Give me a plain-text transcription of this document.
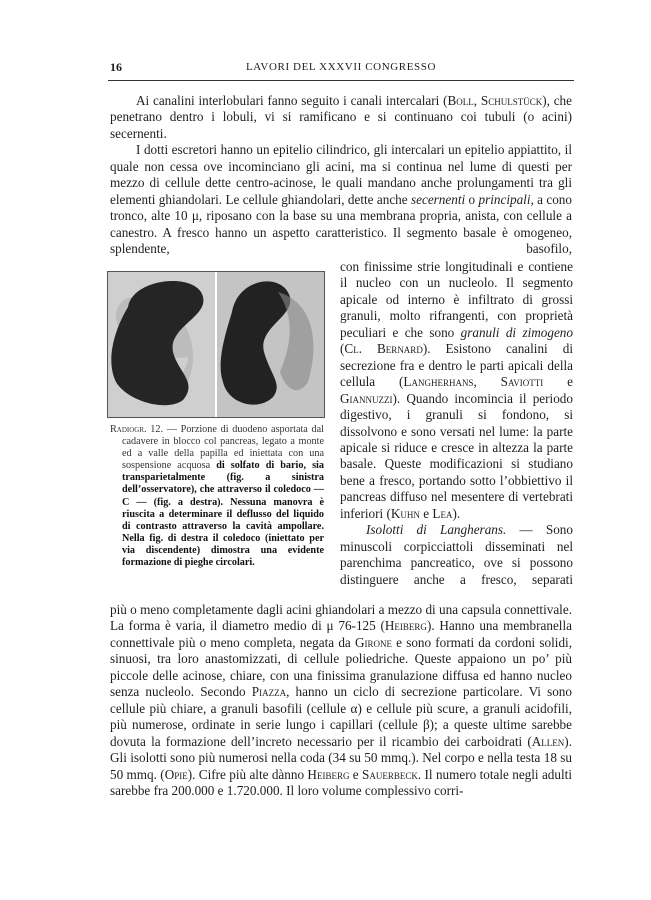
16	LAVORI DEL XXXVII CONGRESSO

Ai canalini interlobulari fanno seguito i canali intercalari (Boll, Schulstück), che penetrano dentro i lobuli, vi si ramificano e si continuano coi tubuli (o acini) secernenti.

I dotti escretori hanno un epitelio cilindrico, gli intercalari un epitelio appiattito, il quale non cessa ove incominciano gli acini, ma si continua nel lume di questi per mezzo di cellule dette centro-acinose, le quali mandano anche prolungamenti tra gli elementi ghiandolari. Le cellule ghiandolari, dette anche secernenti o principali, a cono tronco, alte 10 μ, riposano con la base su una membrana propria, anista, con cellule a canestro. A fresco hanno un aspetto caratteristico. Il segmento basale è omogeneo, splendente, basofilo,

Radiogr. 12. — Porzione di duodeno asportata dal cadavere in blocco col pancreas, legato a monte ed a valle della papilla ed iniettata con una sospensione acquosa di solfato di bario, sia transparietalmente (fig. a sinistra dell’osservatore), che attraverso il coledoco — C — (fig. a destra). Nessuna manovra è riuscita a determinare il deflusso del liquido di contrasto attraverso la cavità ampollare. Nella fig. di destra il coledoco (iniettato per via discendente) dimostra una evidente formazione di pieghe circolari.

con finissime strie longitudinali e contiene il nucleo con un nucleolo. Il segmento apicale od interno è infiltrato di grossi granuli, molto rifrangenti, con proprietà peculiari e che sono granuli di zimogeno (Cl. Bernard). Esistono canalini di secrezione fra e dentro le parti apicali della cellula (Langherhans, Saviotti e Giannuzzi). Quando incomincia il periodo digestivo, i granuli si fondono, si dissolvono e sono versati nel lume: la parte apicale si riduce e cresce in altezza la parte basale. Queste modificazioni si studiano bene a fresco, portando sotto l’obbiettivo il pancreas diffuso nel mesentere di vertebrati inferiori (Kuhn e Lea).

Isolotti di Langherans. — Sono minuscoli corpicciattoli disseminati nel parenchima pancreatico, ove si possono distinguere anche a fresco, separati

più o meno completamente dagli acini ghiandolari a mezzo di una capsula connettivale. La forma è varia, il diametro medio di μ 76-125 (Heiberg). Hanno una membranella connettivale più o meno completa, negata da Girone e sono formati da cordoni solidi, sinuosi, tra loro anastomizzati, di cellule poliedriche. Queste appaiono un po’ più piccole delle acinose, chiare, con una finissima granulazione diffusa ed hanno nucleo senza nucleolo. Secondo Piazza, hanno un ciclo di secrezione particolare. Vi sono cellule più chiare, a granuli basofili (cellule α) e cellule più scure, a granuli acidofili, più numerose, ordinate in serie lungo i capillari (cellule β); a queste ultime sarebbe dovuta la formazione dell’increto necessario per il ricambio dei carboidrati (Allen). Gli isolotti sono più numerosi nella coda (34 su 50 mmq.). Nel corpo e nella testa 18 su 50 mmq. (Opie). Cifre più alte dànno Heiberg e Sauerbeck. Il numero totale negli adulti sarebbe fra 200.000 e 1.720.000. Il loro volume complessivo corri-
